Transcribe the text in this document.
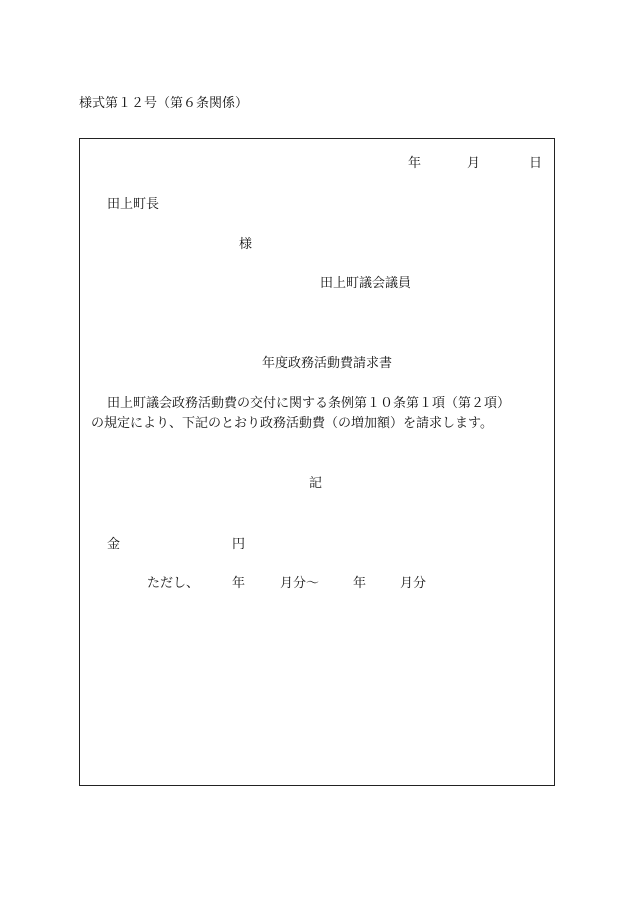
様式第１２号（第６条関係）
年	月	日
田上町長
様
田上町議会議員
年度政務活動費請求書
田上町議会政務活動費の交付に関する条例第１０条第１項（第２項）
の規定により、下記のとおり政務活動費（の増加額）を請求します。
記
金	円
ただし、	年	月分～	年	月分
